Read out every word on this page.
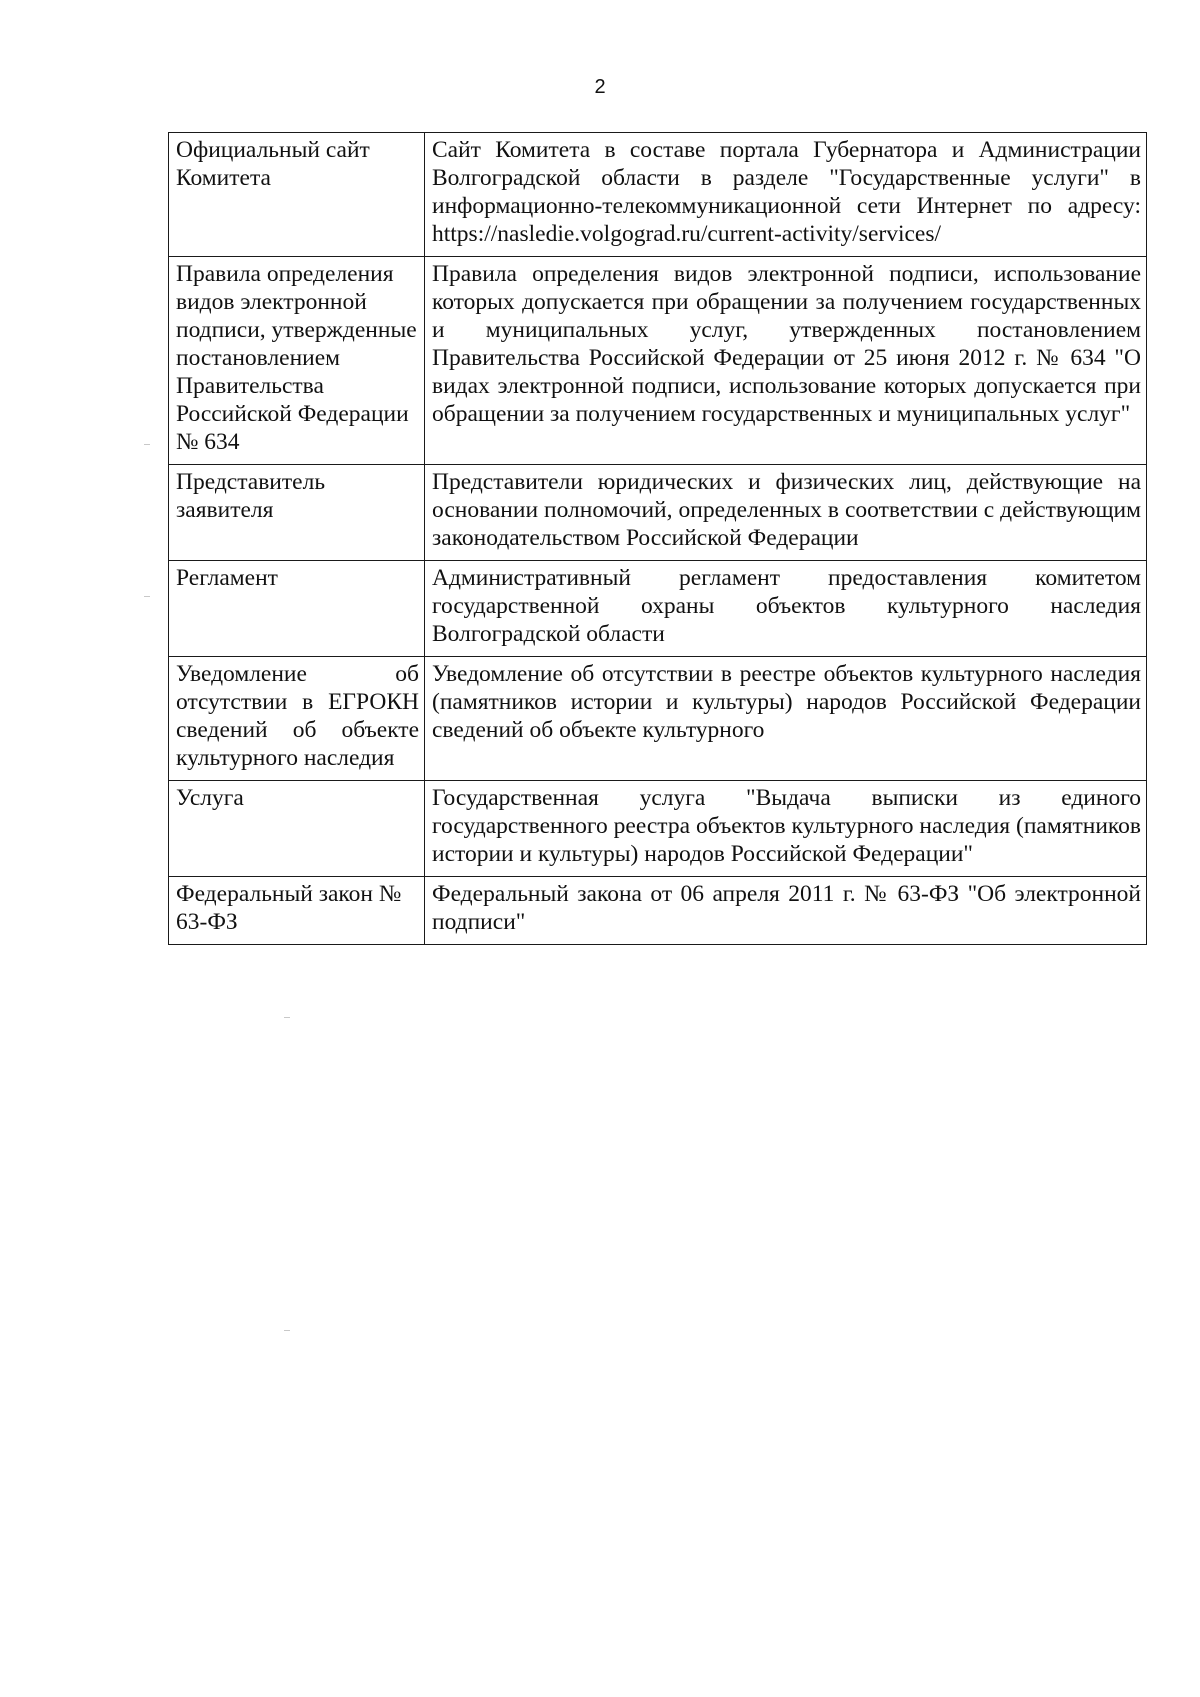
2
Официальный сайт Комитета	Сайт Комитета в составе портала Губернатора и Администрации Волгоградской области в разделе "Государственные услуги" в информационно-телекоммуникационной сети Интернет по адресу: https://nasledie.volgograd.ru/current-activity/services/
Правила определения видов электронной подписи, утвержденные постановлением Правительства Российской Федерации № 634	Правила определения видов электронной подписи, использование которых допускается при обращении за получением государственных и муниципальных услуг, утвержденных постановлением Правительства Российской Федерации от 25 июня 2012 г. № 634 "О видах электронной подписи, использование которых допускается при обращении за получением государственных и муниципальных услуг"
Представитель заявителя	Представители юридических и физических лиц, действующие на основании полномочий, определенных в соответствии с действующим законодательством Российской Федерации
Регламент	Административный регламент предоставления комитетом государственной охраны объектов культурного наследия Волгоградской области
Уведомление об отсутствии в ЕГРОКН сведений об объекте культурного наследия	Уведомление об отсутствии в реестре объектов культурного наследия (памятников истории и культуры) народов Российской Федерации сведений об объекте культурного
Услуга	Государственная услуга "Выдача выписки из единого государственного реестра объектов культурного наследия (памятников истории и культуры) народов Российской Федерации"
Федеральный закон № 63-ФЗ	Федеральный закона от 06 апреля 2011 г. № 63-ФЗ "Об электронной подписи"
